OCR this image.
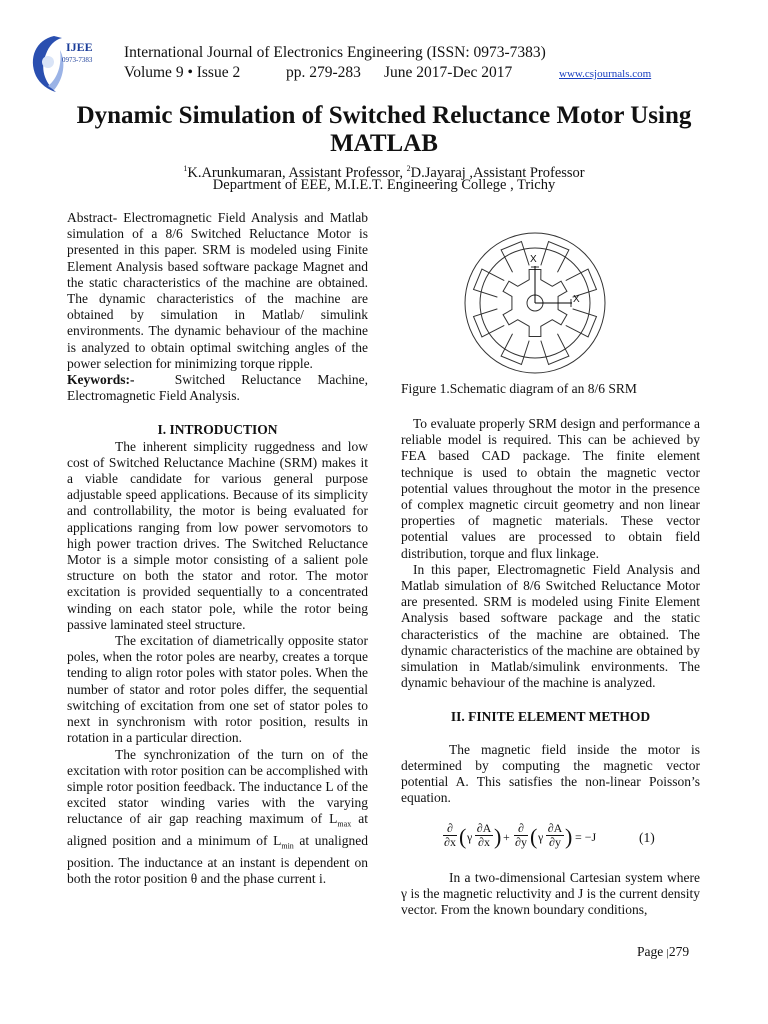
IJEE
0973-7383 International Journal of Electronics Engineering (ISSN: 0973-7383)
Volume 9 • Issue 2	pp. 279-283 June 2017-Dec 2017	www.csjournals.com
Dynamic Simulation of Switched Reluctance Motor Using
MATLAB
$^1$K.Arunkumaran, Assistant Professor, $^2$D.Jayaraj ,Assistant Professor
Department of EEE, M.I.E.T. Engineering College , Trichy

Abstract- Electromagnetic Field Analysis and Matlab simulation of a 8/6 Switched Reluctance Motor is presented in this paper. SRM is modeled using Finite Element Analysis based software package Magnet and the static characteristics of the machine are obtained. The dynamic characteristics of the machine are obtained by simulation in Matlab/ simulink environments. The dynamic behaviour of the machine is analyzed to obtain optimal switching angles of the power selection for minimizing torque ripple.

Keywords:-	Switched Reluctance Machine, Electromagnetic Field Analysis.

I. INTRODUCTION

The inherent simplicity ruggedness and low cost of Switched Reluctance Machine (SRM) makes it a viable candidate for various general purpose adjustable speed applications. Because of its simplicity and controllability, the motor is being evaluated for applications ranging from low power servomotors to high power traction drives. The Switched Reluctance Motor is a simple motor consisting of a salient pole structure on both the stator and rotor. The motor excitation is provided sequentially to a concentrated winding on each stator pole, while the rotor being passive laminated steel structure.

The excitation of diametrically opposite stator poles, when the rotor poles are nearby, creates a torque tending to align rotor poles with stator poles. When the number of stator and rotor poles differ, the sequential switching of excitation from one set of stator poles to next in synchronism with rotor position, results in rotation in a particular direction.

The synchronization of the turn on of the excitation with rotor position can be accomplished with simple rotor position feedback. The inductance L of the excited stator winding varies with the varying reluctance of air gap reaching maximum of $L_{max}$ at aligned position and a minimum of $L_{min}$ at unaligned position. The inductance at an instant is dependent on both the rotor position θ and the phase current i.

X
X
Figure 1.Schematic diagram of an 8/6 SRM

To evaluate properly SRM design and performance a reliable model is required. This can be achieved by FEA based CAD package. The finite element technique is used to obtain the magnetic vector potential values throughout the motor in the presence of complex magnetic circuit geometry and non linear properties of magnetic materials. These vector potential values are processed to obtain field distribution, torque and flux linkage.

In this paper, Electromagnetic Field Analysis and Matlab simulation of 8/6 Switched Reluctance Motor are presented. SRM is modeled using Finite Element Analysis based software package and the static characteristics of the machine are obtained. The dynamic characteristics of the machine are obtained by simulation in Matlab/simulink environments. The dynamic behaviour of the machine is analyzed.

II. FINITE ELEMENT METHOD

The magnetic field inside the motor is determined by computing the magnetic vector potential A. This satisfies the non-linear Poisson’s equation.

∂
∂x ( γ $\frac{\partial A}{\partial x}$ ) +
∂
∂y ( γ $\frac{\partial A}{\partial y}$ ) = −J	(1)

In a two-dimensional Cartesian system where γ is the magnetic reluctivity and J is the current density vector. From the known boundary conditions,

Page |279
